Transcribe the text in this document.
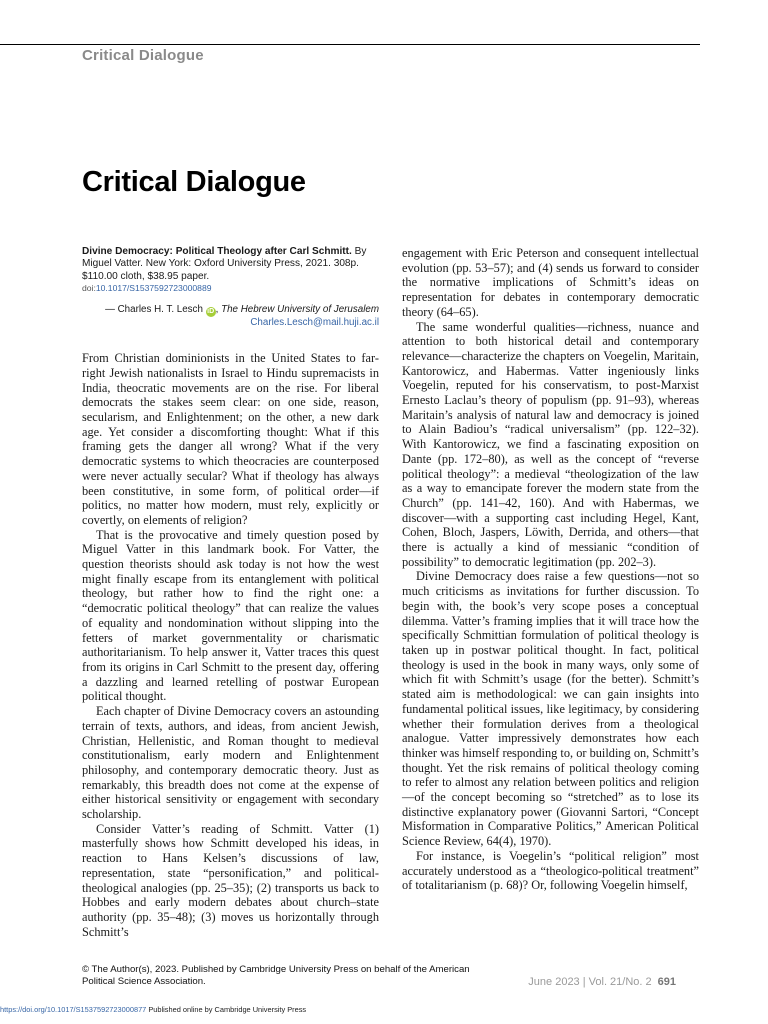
Critical Dialogue
Critical Dialogue
Divine Democracy: Political Theology after Carl Schmitt. By Miguel Vatter. New York: Oxford University Press, 2021. 308p. $110.00 cloth, $38.95 paper.
doi:10.1017/S1537592723000889
— Charles H. T. Lesch iD , The Hebrew University of Jerusalem
Charles.Lesch@mail.huji.ac.il

From Christian dominionists in the United States to far-right Jewish nationalists in Israel to Hindu supremacists in India, theocratic movements are on the rise. For liberal democrats the stakes seem clear: on one side, reason, secularism, and Enlightenment; on the other, a new dark age. Yet consider a discomforting thought: What if this framing gets the danger all wrong? What if the very democratic systems to which theocracies are counterposed were never actually secular? What if theology has always been constitutive, in some form, of political order—if politics, no matter how modern, must rely, explicitly or covertly, on elements of religion?

That is the provocative and timely question posed by Miguel Vatter in this landmark book. For Vatter, the question theorists should ask today is not how the west might finally escape from its entanglement with political theology, but rather how to find the right one: a “democratic political theology” that can realize the values of equality and nondomination without slipping into the fetters of market governmentality or charismatic authoritarianism. To help answer it, Vatter traces this quest from its origins in Carl Schmitt to the present day, offering a dazzling and learned retelling of postwar European political thought.

Each chapter of Divine Democracy covers an astounding terrain of texts, authors, and ideas, from ancient Jewish, Christian, Hellenistic, and Roman thought to medieval constitutionalism, early modern and Enlightenment philosophy, and contemporary democratic theory. Just as remarkably, this breadth does not come at the expense of either historical sensitivity or engagement with secondary scholarship.

Consider Vatter’s reading of Schmitt. Vatter (1) masterfully shows how Schmitt developed his ideas, in reaction to Hans Kelsen’s discussions of law, representation, state “personification,” and political-theological analogies (pp. 25–35); (2) transports us back to Hobbes and early modern debates about church–state authority (pp. 35–48); (3) moves us horizontally through Schmitt’s

engagement with Eric Peterson and consequent intellectual evolution (pp. 53–57); and (4) sends us forward to consider the normative implications of Schmitt’s ideas on representation for debates in contemporary democratic theory (64–65).

The same wonderful qualities—richness, nuance and attention to both historical detail and contemporary relevance—characterize the chapters on Voegelin, Maritain, Kantorowicz, and Habermas. Vatter ingeniously links Voegelin, reputed for his conservatism, to post-Marxist Ernesto Laclau’s theory of populism (pp. 91–93), whereas Maritain’s analysis of natural law and democracy is joined to Alain Badiou’s “radical universalism” (pp. 122–32). With Kantorowicz, we find a fascinating exposition on Dante (pp. 172–80), as well as the concept of “reverse political theology”: a medieval “theologization of the law as a way to emancipate forever the modern state from the Church” (pp. 141–42, 160). And with Habermas, we discover—with a supporting cast including Hegel, Kant, Cohen, Bloch, Jaspers, Löwith, Derrida, and others—that there is actually a kind of messianic “condition of possibility” to democratic legitimation (pp. 202–3).

Divine Democracy does raise a few questions—not so much criticisms as invitations for further discussion. To begin with, the book’s very scope poses a conceptual dilemma. Vatter’s framing implies that it will trace how the specifically Schmittian formulation of political theology is taken up in postwar political thought. In fact, political theology is used in the book in many ways, only some of which fit with Schmitt’s usage (for the better). Schmitt’s stated aim is methodological: we can gain insights into fundamental political issues, like legitimacy, by considering whether their formulation derives from a theological analogue. Vatter impressively demonstrates how each thinker was himself responding to, or building on, Schmitt’s thought. Yet the risk remains of political theology coming to refer to almost any relation between politics and religion—of the concept becoming so “stretched” as to lose its distinctive explanatory power (Giovanni Sartori, “Concept Misformation in Comparative Politics,” American Political Science Review, 64(4), 1970).

For instance, is Voegelin’s “political religion” most accurately understood as a “theologico-political treatment” of totalitarianism (p. 68)? Or, following Voegelin himself,

© The Author(s), 2023. Published by Cambridge University Press on behalf of the American Political Science Association.	June 2023 | Vol. 21/No. 2 691
https://doi.org/10.1017/S1537592723000877 Published online by Cambridge University Press
